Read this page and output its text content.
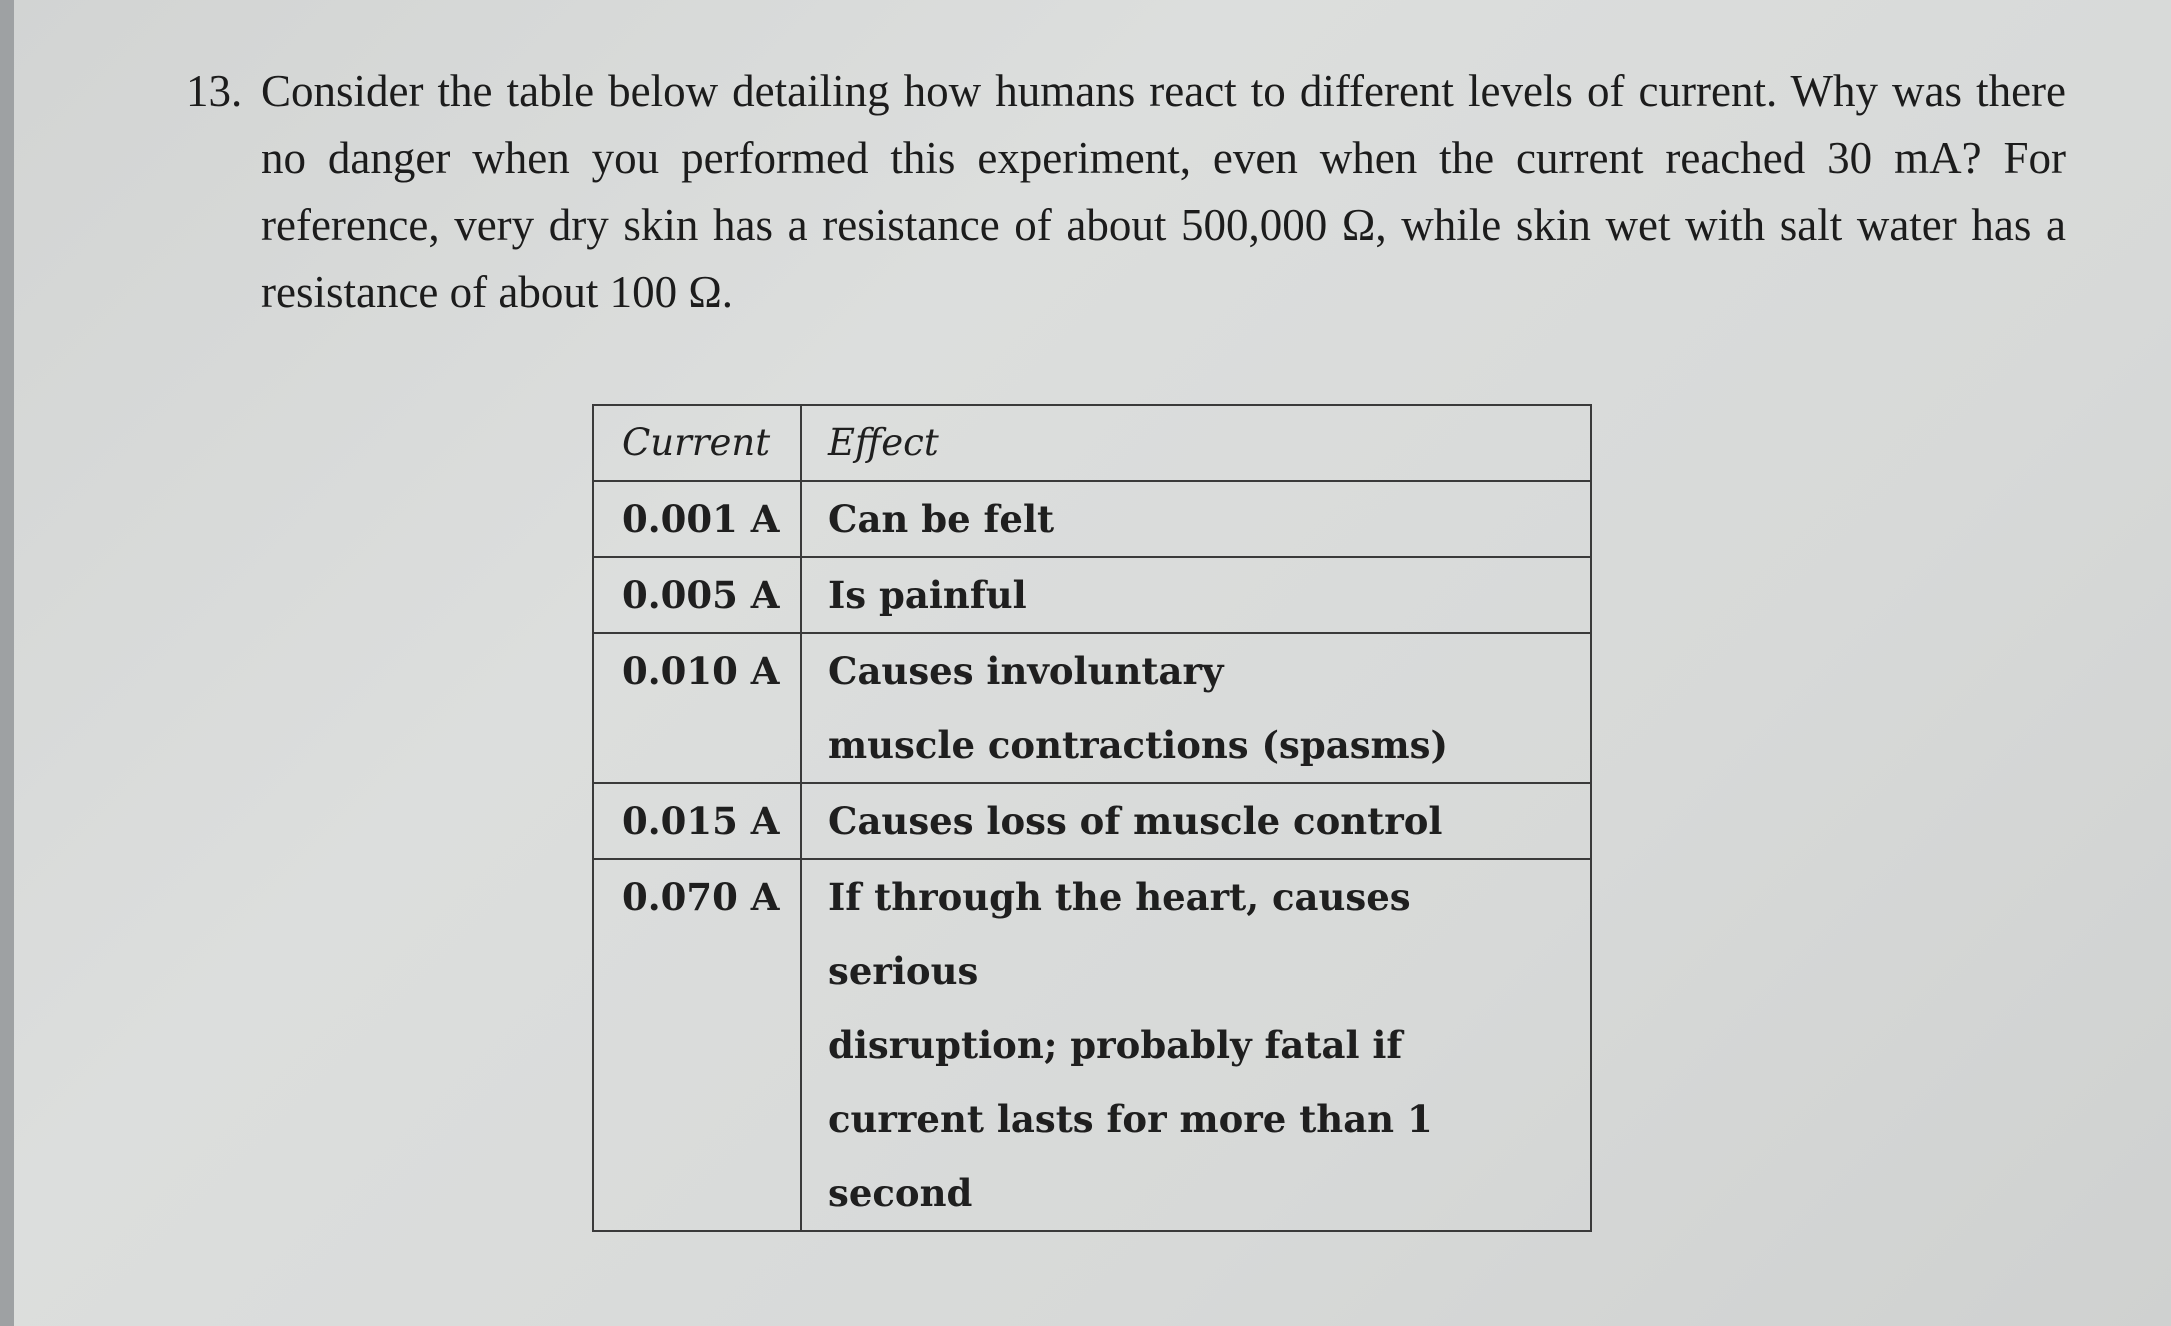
13. Consider the table below detailing how humans react to different levels of current. Why was there no danger when you performed this experiment, even when the current reached 30 mA? For reference, very dry skin has a resistance of about 500,000 Ω, while skin wet with salt water has a resistance of about 100 Ω.
Current	Effect
0.001 A	Can be felt

0.005 A	Is painful

0.010 A	Causes involuntary
muscle contractions (spasms)

0.015 A	Causes loss of muscle control

0.070 A	If through the heart, causes serious
disruption; probably fatal if
current lasts for more than 1 second
